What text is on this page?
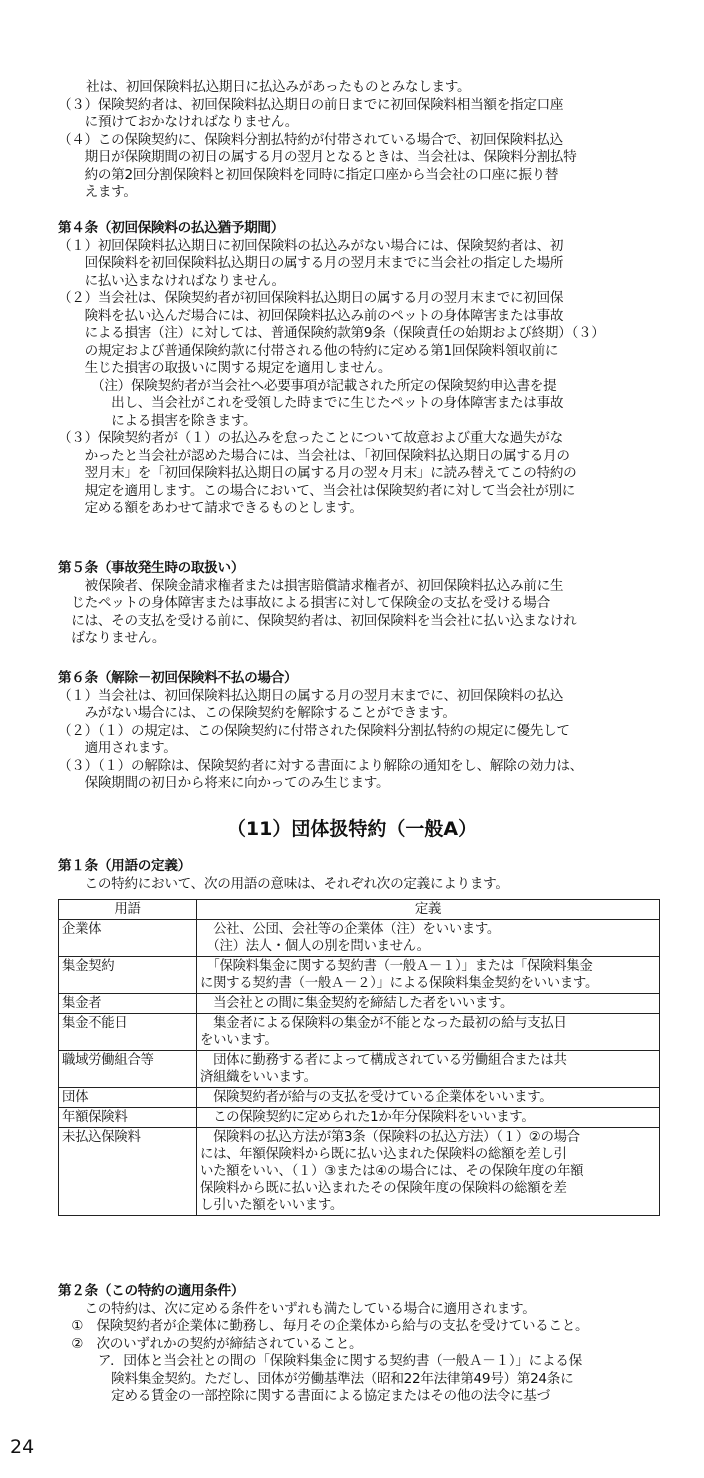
社は、初回保険料払込期日に払込みがあったものとみなします。

（３）保険契約者は、初回保険料払込期日の前日までに初回保険料相当額を指定口座
　　に預けておかなければなりません。

（４）この保険契約に、保険料分割払特約が付帯されている場合で、初回保険料払込
　　期日が保険期間の初日の属する月の翌月となるときは、当会社は、保険料分割払特
　　約の第2回分割保険料と初回保険料を同時に指定口座から当会社の口座に振り替
　　えます。

第４条（初回保険料の払込猶予期間）

（１）初回保険料払込期日に初回保険料の払込みがない場合には、保険契約者は、初
　　回保険料を初回保険料払込期日の属する月の翌月末までに当会社の指定した場所
　　に払い込まなければなりません。

（２）当会社は、保険契約者が初回保険料払込期日の属する月の翌月末までに初回保
　　険料を払い込んだ場合には、初回保険料払込み前のペットの身体障害または事故
　　による損害（注）に対しては、普通保険約款第9条（保険責任の始期および終期）（３）
　　の規定および普通保険約款に付帯される他の特約に定める第1回保険料領収前に
　　生じた損害の取扱いに関する規定を適用しません。

　　　（注）保険契約者が当会社へ必要事項が記載された所定の保険契約申込書を提
　　　　出し、当会社がこれを受領した時までに生じたペットの身体障害または事故
　　　　による損害を除きます。

（３）保険契約者が（１）の払込みを怠ったことについて故意および重大な過失がな
　　かったと当会社が認めた場合には、当会社は、「初回保険料払込期日の属する月の
　　翌月末」を「初回保険料払込期日の属する月の翌々月末」に読み替えてこの特約の
　　規定を適用します。この場合において、当会社は保険契約者に対して当会社が別に
　　定める額をあわせて請求できるものとします。

第５条（事故発生時の取扱い）

　　被保険者、保険金請求権者または損害賠償請求権者が、初回保険料払込み前に生
　じたペットの身体障害または事故による損害に対して保険金の支払を受ける場合
　には、その支払を受ける前に、保険契約者は、初回保険料を当会社に払い込まなけれ
　ばなりません。

第６条（解除－初回保険料不払の場合）

（１）当会社は、初回保険料払込期日の属する月の翌月末までに、初回保険料の払込
　　みがない場合には、この保険契約を解除することができます。

（２）（１）の規定は、この保険契約に付帯された保険料分割払特約の規定に優先して
　　適用されます。

（３）（１）の解除は、保険契約者に対する書面により解除の通知をし、解除の効力は、
　　保険期間の初日から将来に向かってのみ生じます。

（11）団体扱特約（一般A）

第１条（用語の定義）

　　この特約において、次の用語の意味は、それぞれ次の定義によります。

用語	定義
企業体	　公社、公団、会社等の企業体（注）をいいます。
　（注）法人・個人の別を問いません。
集金契約	　「保険料集金に関する契約書（一般Ａ－１）」または「保険料集金
に関する契約書（一般Ａ－２）」による保険料集金契約をいいます。
集金者	　当会社との間に集金契約を締結した者をいいます。
集金不能日	　集金者による保険料の集金が不能となった最初の給与支払日
をいいます。
職域労働組合等	　団体に勤務する者によって構成されている労働組合または共
済組織をいいます。
団体	　保険契約者が給与の支払を受けている企業体をいいます。
年額保険料	　この保険契約に定められた1か年分保険料をいいます。
未払込保険料	　保険料の払込方法が第3条（保険料の払込方法）（１）②の場合
には、年額保険料から既に払い込まれた保険料の総額を差し引
いた額をいい、（１）③または④の場合には、その保険年度の年額
保険料から既に払い込まれたその保険年度の保険料の総額を差
し引いた額をいいます。

第２条（この特約の適用条件）

　　この特約は、次に定める条件をいずれも満たしている場合に適用されます。

　①　保険契約者が企業体に勤務し、毎月その企業体から給与の支払を受けていること。

　②　次のいずれかの契約が締結されていること。

　　　ア．団体と当会社との間の「保険料集金に関する契約書（一般Ａ－１）」による保
　　　　険料集金契約。ただし、団体が労働基準法（昭和22年法律第49号）第24条に
　　　　定める賃金の一部控除に関する書面による協定またはその他の法令に基づ

24
